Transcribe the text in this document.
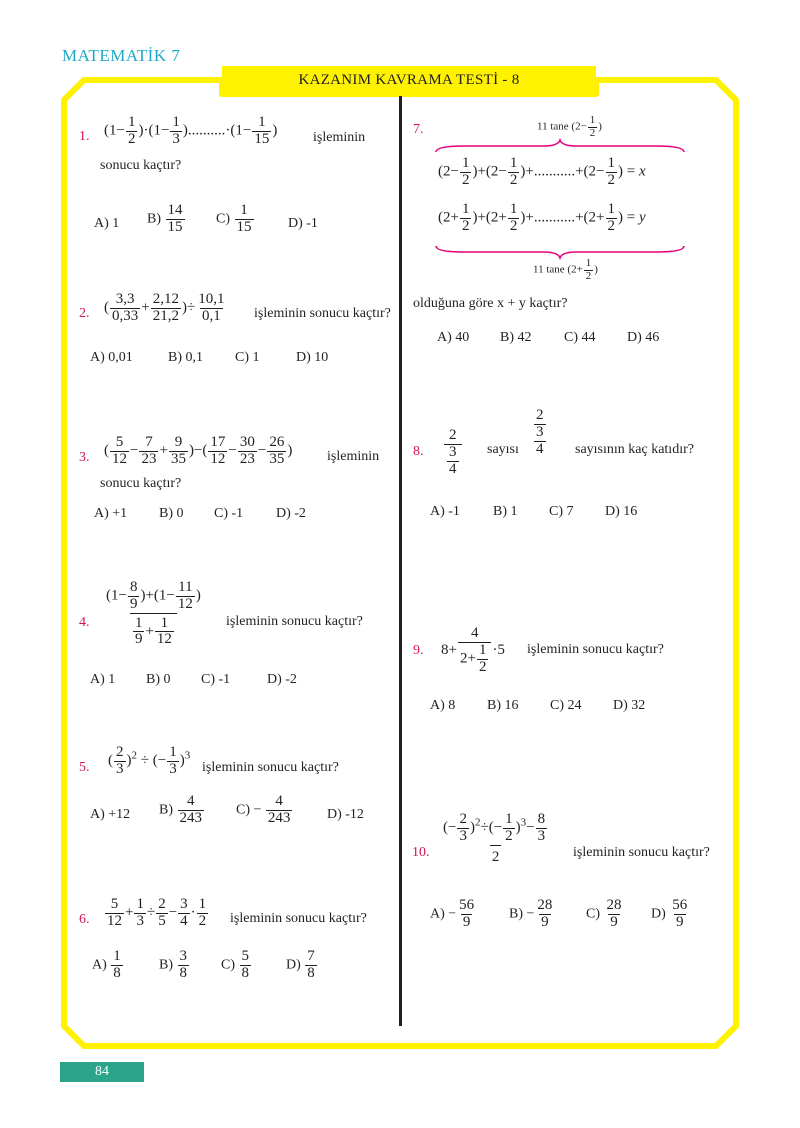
MATEMATİK 7
KAZANIM KAVRAMA TESTİ - 8
1. $(1- \frac{1}{2} )\cdot(1- \frac{1}{3} )..........\cdot(1- \frac{1}{15}$ )	işleminin
sonucu kaçtır?
A) 1 $B) \frac{14}{15} C) \frac{1}{15} D$) -1
2. ( $\frac{3,3}{0,33} + \frac{2,12}{21,2}$ )÷ $\frac{10,1}{0,1}$ işleminin sonucu kaçtır?
A) 0,01	B) 0,1 C) 1	D) 10
3. ( $\frac{5}{12} - \frac{7}{23} + \frac{9}{35}$ )−( $\frac{17}{12} - \frac{30}{23} - \frac{26}{35}$ ) işleminin
sonucu kaçtır?
A) +1 B) 0 C) -1 D) -2
4. $\frac{(1- \frac{8}{9} )+(1- \frac{11}{12} )}{\frac{1}{9} + \frac{1}{12}}$ işleminin sonucu kaçtır?
A) 1 B) 0 C) -1	D) -2
5. ( $\frac{2}{3} )^2$ ÷ (− $\frac{1}{3} )^3$
işleminin sonucu kaçtır?
A) +12 $B) \frac{4}{243} C) - \frac{4}{243} D$) -12
6. $\frac{5}{12} + \frac{1}{3} \div \frac{2}{5} - \frac{3}{4} \cdot \frac{1}{2}$ işleminin sonucu kaçtır?
$A) \frac{1}{8}$	$B) \frac{3}{8} C) \frac{5}{8}$	$D) \frac{7}{8}$
7.	11 tane ($2- \frac{1}{2}$ )
$(2- \frac{1}{2} )+(2- \frac{1}{2} )+...........+(2- \frac{1}{2}$ ) = x
$(2+ \frac{1}{2} )+(2+ \frac{1}{2} )+...........+(2+ \frac{1}{2}$ ) = y
11 tane ($2+ \frac{1}{2}$ )
olduğuna göre x + y kaçtır?
A) 40 B) 42 C) 44 D) 46
8. $\frac{2}{\frac{3}{4}}$ sayısı $\frac{\frac{2}{3}}{4}$ sayısının kaç katıdır?
A) -1 B) 1 C) 7 D) 16
9. $8+ \frac{4}{2+ \frac{1}{2}} \cdot 5$ işleminin sonucu kaçtır?
A) 8 B) 16 C) 24 D) 32
10. $\frac{(- \frac{2}{3} )^2\div(- \frac{1}{2} )^3- \frac{8}{3}}{2}$ işleminin sonucu kaçtır?
$A) - \frac{56}{9} B) - \frac{28}{9} C) \frac{28}{9} D) \frac{56}{9}$
84
